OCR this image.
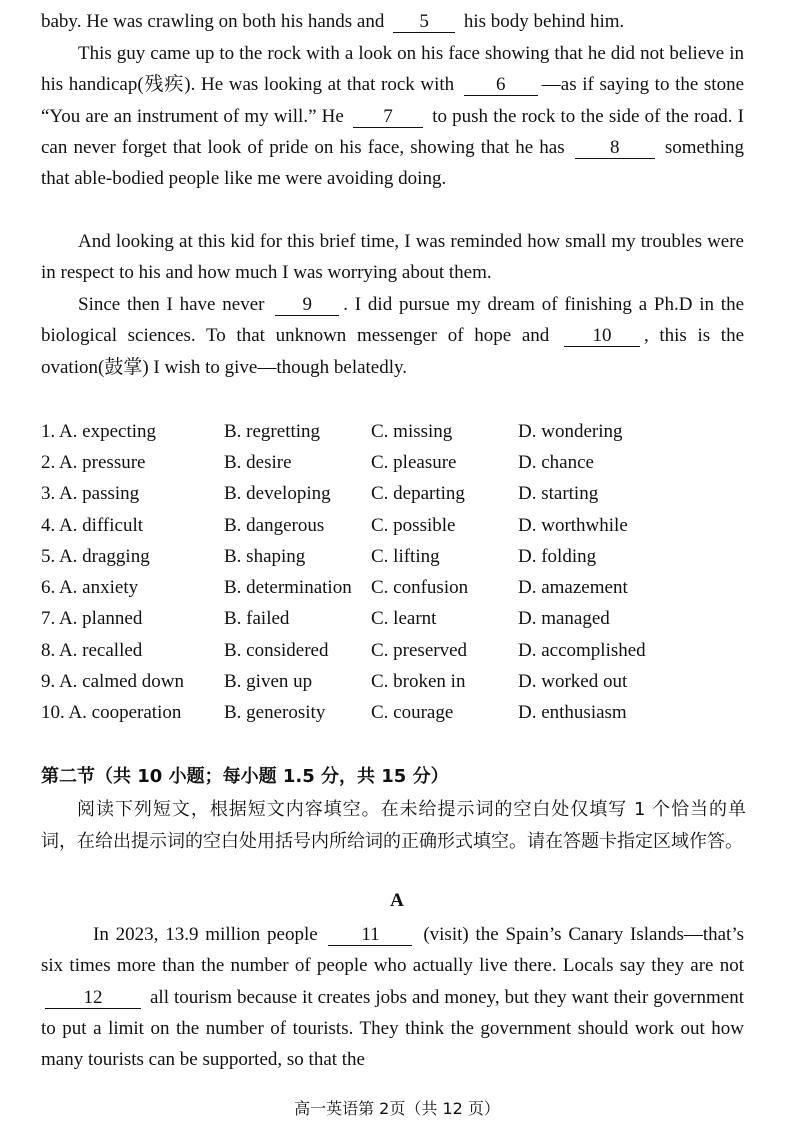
baby. He was crawling on both his hands and 5 his body behind him.

This guy came up to the rock with a look on his face showing that he did not believe in his handicap(残疾). He was looking at that rock with 6 —as if saying to the stone “You are an instrument of my will.” He 7 to push the rock to the side of the road. I can never forget that look of pride on his face, showing that he has 8 something that able-bodied people like me were avoiding doing.

And looking at this kid for this brief time, I was reminded how small my troubles were in respect to his and how much I was worrying about them.

Since then I have never 9 . I did pursue my dream of finishing a Ph.D in the biological sciences. To that unknown messenger of hope and 10 , this is the ovation(鼓掌) I wish to give—though belatedly.

1. A. expecting	B. regretting	C. missing	D. wondering
2. A. pressure	B. desire	C. pleasure	D. chance
3. A. passing	B. developing	C. departing	D. starting
4. A. difficult	B. dangerous	C. possible	D. worthwhile
5. A. dragging	B. shaping	C. lifting	D. folding
6. A. anxiety	B. determination	C. confusion	D. amazement
7. A. planned	B. failed	C. learnt	D. managed
8. A. recalled	B. considered	C. preserved	D. accomplished
9. A. calmed down	B. given up	C. broken in	D. worked out
10. A. cooperation	B. generosity	C. courage	D. enthusiasm
第二节（共 10 小题；每小题 1.5 分，共 15 分）

阅读下列短文，根据短文内容填空。在未给提示词的空白处仅填写 1 个恰当的单词，在给出提示词的空白处用括号内所给词的正确形式填空。请在答题卡指定区域作答。

A

In 2023, 13.9 million people 11 (visit) the Spain’s Canary Islands—that’s six times more than the number of people who actually live there. Locals say they are not 12 all tourism because it creates jobs and money, but they want their government to put a limit on the number of tourists. They think the government should work out how many tourists can be supported, so that the

高一英语第 2页（共 12 页）
